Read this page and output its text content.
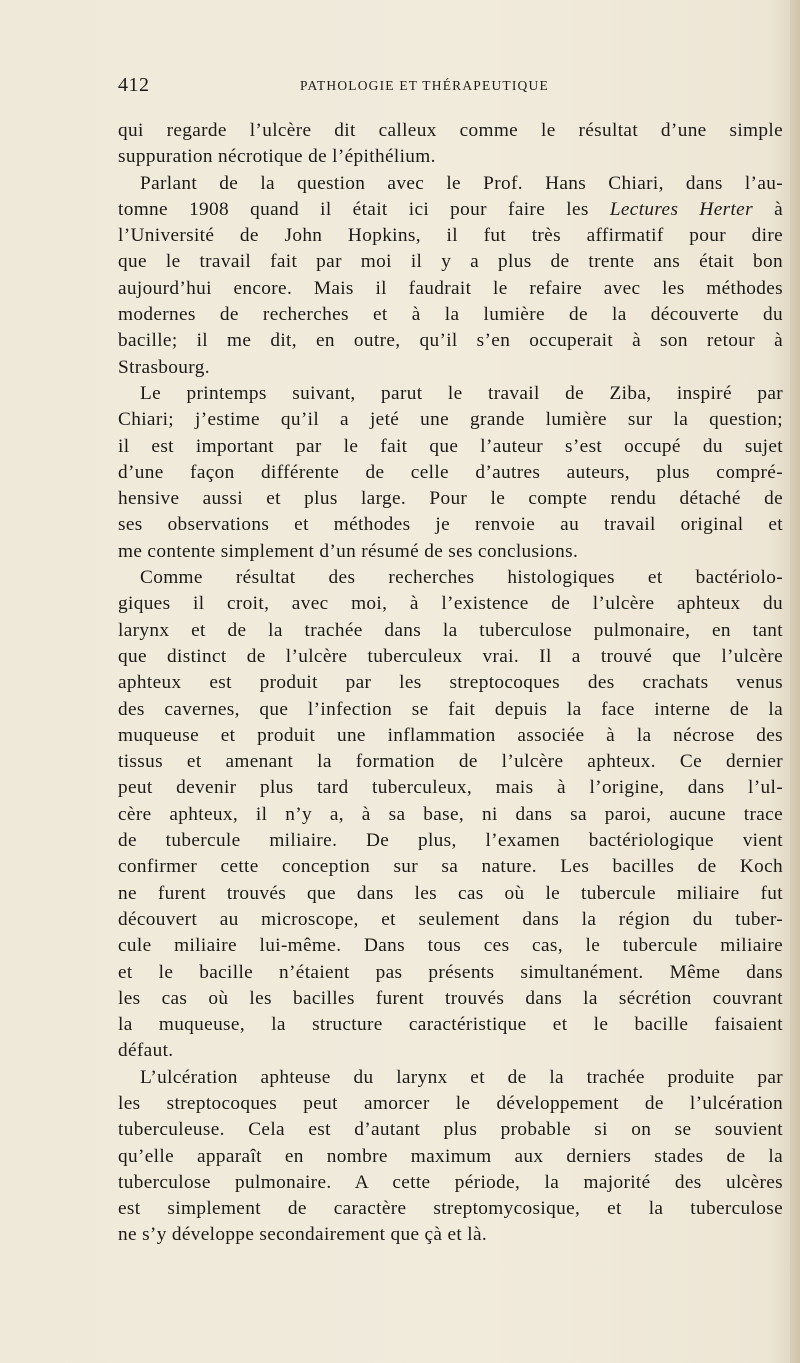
412	PATHOLOGIE ET THÉRAPEUTIQUE
qui regarde l’ulcère dit calleux comme le résultat d’une simple
suppuration nécrotique de l’épithélium.
Parlant de la question avec le Prof. Hans Chiari, dans l’au-
tomne 1908 quand il était ici pour faire les Lectures Herter à
l’Université de John Hopkins, il fut très affirmatif pour dire
que le travail fait par moi il y a plus de trente ans était bon
aujourd’hui encore. Mais il faudrait le refaire avec les méthodes
modernes de recherches et à la lumière de la découverte du
bacille; il me dit, en outre, qu’il s’en occuperait à son retour à
Strasbourg.
Le printemps suivant, parut le travail de Ziba, inspiré par
Chiari; j’estime qu’il a jeté une grande lumière sur la question;
il est important par le fait que l’auteur s’est occupé du sujet
d’une façon différente de celle d’autres auteurs, plus compré-
hensive aussi et plus large. Pour le compte rendu détaché de
ses observations et méthodes je renvoie au travail original et
me contente simplement d’un résumé de ses conclusions.
Comme résultat des recherches histologiques et bactériolo-
giques il croit, avec moi, à l’existence de l’ulcère aphteux du
larynx et de la trachée dans la tuberculose pulmonaire, en tant
que distinct de l’ulcère tuberculeux vrai. Il a trouvé que l’ulcère
aphteux est produit par les streptocoques des crachats venus
des cavernes, que l’infection se fait depuis la face interne de la
muqueuse et produit une inflammation associée à la nécrose des
tissus et amenant la formation de l’ulcère aphteux. Ce dernier
peut devenir plus tard tuberculeux, mais à l’origine, dans l’ul-
cère aphteux, il n’y a, à sa base, ni dans sa paroi, aucune trace
de tubercule miliaire. De plus, l’examen bactériologique vient
confirmer cette conception sur sa nature. Les bacilles de Koch
ne furent trouvés que dans les cas où le tubercule miliaire fut
découvert au microscope, et seulement dans la région du tuber-
cule miliaire lui-même. Dans tous ces cas, le tubercule miliaire
et le bacille n’étaient pas présents simultanément. Même dans
les cas où les bacilles furent trouvés dans la sécrétion couvrant
la muqueuse, la structure caractéristique et le bacille faisaient
défaut.
L’ulcération aphteuse du larynx et de la trachée produite par
les streptocoques peut amorcer le développement de l’ulcération
tuberculeuse. Cela est d’autant plus probable si on se souvient
qu’elle apparaît en nombre maximum aux derniers stades de la
tuberculose pulmonaire. A cette période, la majorité des ulcères
est simplement de caractère streptomycosique, et la tuberculose
ne s’y développe secondairement que çà et là.
